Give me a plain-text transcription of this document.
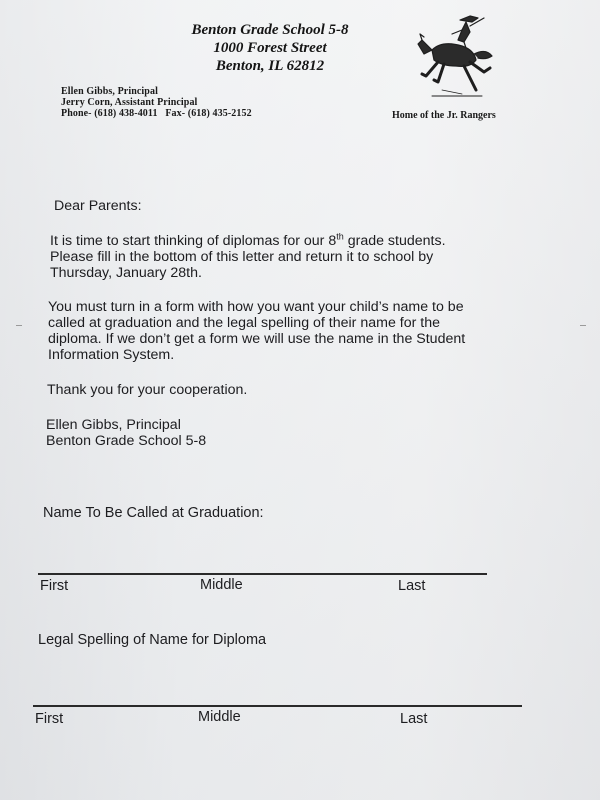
Benton Grade School 5-8
1000 Forest Street
Benton, IL 62812
Ellen Gibbs, Principal
Jerry Corn, Assistant Principal
Phone- (618) 438-4011   Fax- (618) 435-2152	Home of the Jr. Rangers
Dear Parents:
It is time to start thinking of diplomas for our 8th grade students.
Please fill in the bottom of this letter and return it to school by
Thursday, January 28th.
You must turn in a form with how you want your child’s name to be
called at graduation and the legal spelling of their name for the
diploma. If we don’t get a form we will use the name in the Student
Information System.
Thank you for your cooperation.
Ellen Gibbs, Principal
Benton Grade School 5-8
Name To Be Called at Graduation:
First	Middle	Last
Legal Spelling of Name for Diploma
First	Middle	Last
